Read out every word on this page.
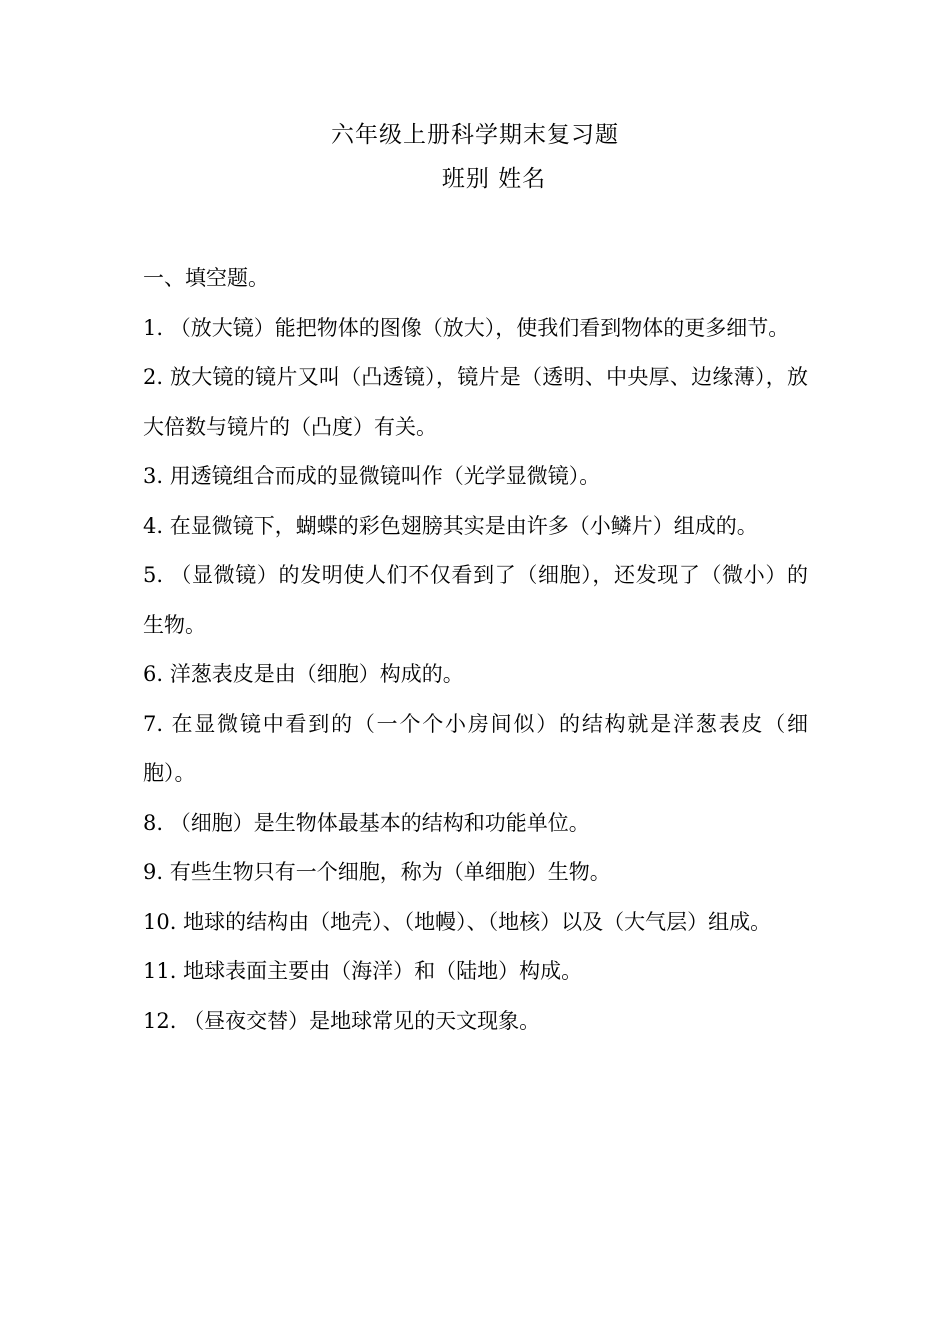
六年级上册科学期末复习题
班别 姓名
一、填空题。
1. （放大镜）能把物体的图像（放大），使我们看到物体的更多细节。
2. 放大镜的镜片又叫（凸透镜），镜片是（透明、中央厚、边缘薄），放大倍数与镜片的（凸度）有关。
3. 用透镜组合而成的显微镜叫作（光学显微镜）。
4. 在显微镜下，蝴蝶的彩色翅膀其实是由许多（小鳞片）组成的。
5. （显微镜）的发明使人们不仅看到了（细胞），还发现了（微小）的生物。
6. 洋葱表皮是由（细胞）构成的。
7. 在显微镜中看到的（一个个小房间似）的结构就是洋葱表皮（细 胞）。
8. （细胞）是生物体最基本的结构和功能单位。
9. 有些生物只有一个细胞，称为（单细胞）生物。
10. 地球的结构由（地壳）、（地幔）、（地核）以及（大气层）组成。
11. 地球表面主要由（海洋）和（陆地）构成。
12. （昼夜交替）是地球常见的天文现象。
